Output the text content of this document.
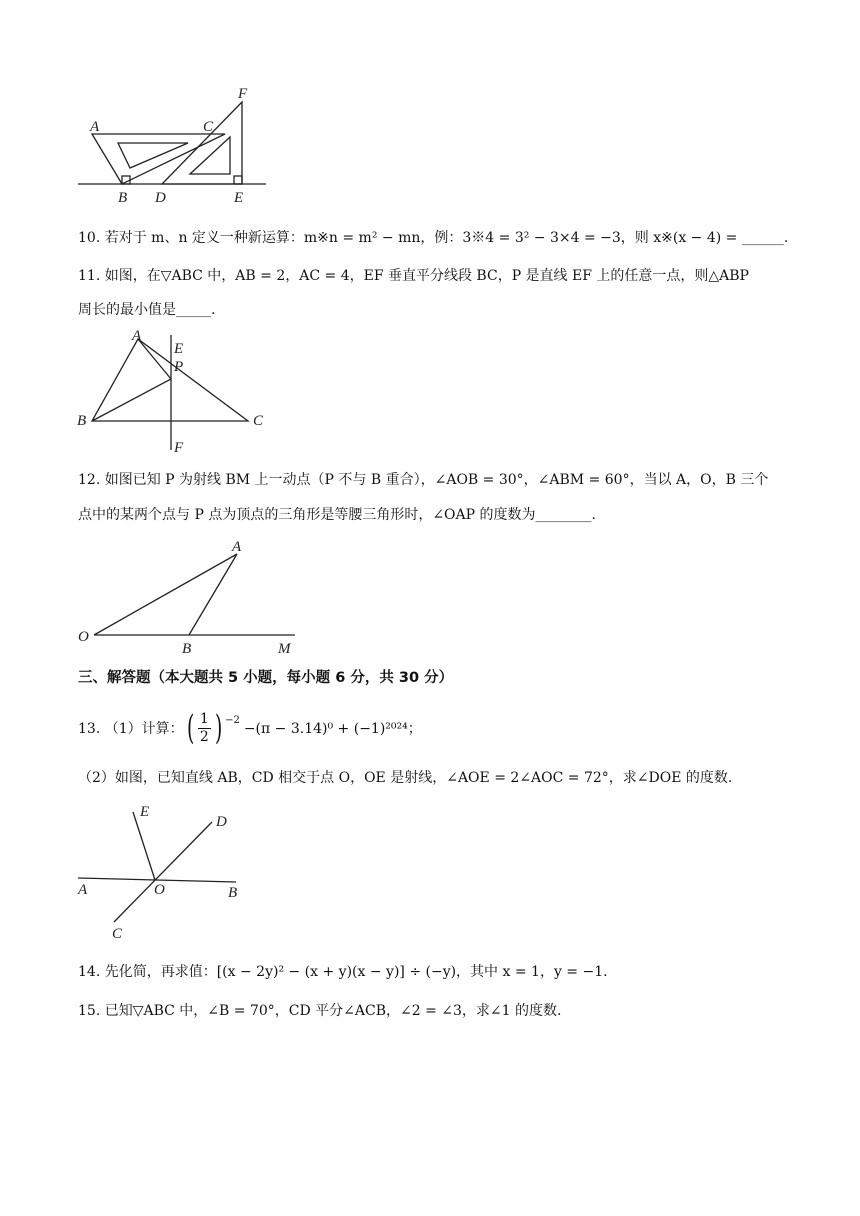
A
B
C
D	E
F
10. 若对于 m、n 定义一种新运算：m※n = m² − mn，例：3※4 = 3² − 3×4 = −3，则 x※(x − 4) = ______.
11. 如图，在▽ABC 中，AB = 2，AC = 4，EF 垂直平分线段 BC，P 是直线 EF 上的任意一点，则△ABP
周长的最小值是_____.
A
E
P
B	C
F
12. 如图已知 P 为射线 BM 上一动点（P 不与 B 重合），∠AOB = 30°，∠ABM = 60°，当以 A，O，B 三个
点中的某两个点与 P 点为顶点的三角形是等腰三角形时，∠OAP 的度数为________.
A
O
B	M
三、解答题（本大题共 5 小题，每小题 6 分，共 30 分）
13. （1）计算： ( $\frac{1}{2}$ ) $^{-2}$
−(π − 3.14)⁰ + (−1)²⁰²⁴；
（2）如图，已知直线 AB，CD 相交于点 O，OE 是射线，∠AOE = 2∠AOC = 72°，求∠DOE 的度数.
E
D
A	O	B
C
14. 先化简，再求值：[(x − 2y)² − (x + y)(x − y)] ÷ (−y)，其中 x = 1，y = −1.
15. 已知▽ABC 中，∠B = 70°，CD 平分∠ACB，∠2 = ∠3，求∠1 的度数.
